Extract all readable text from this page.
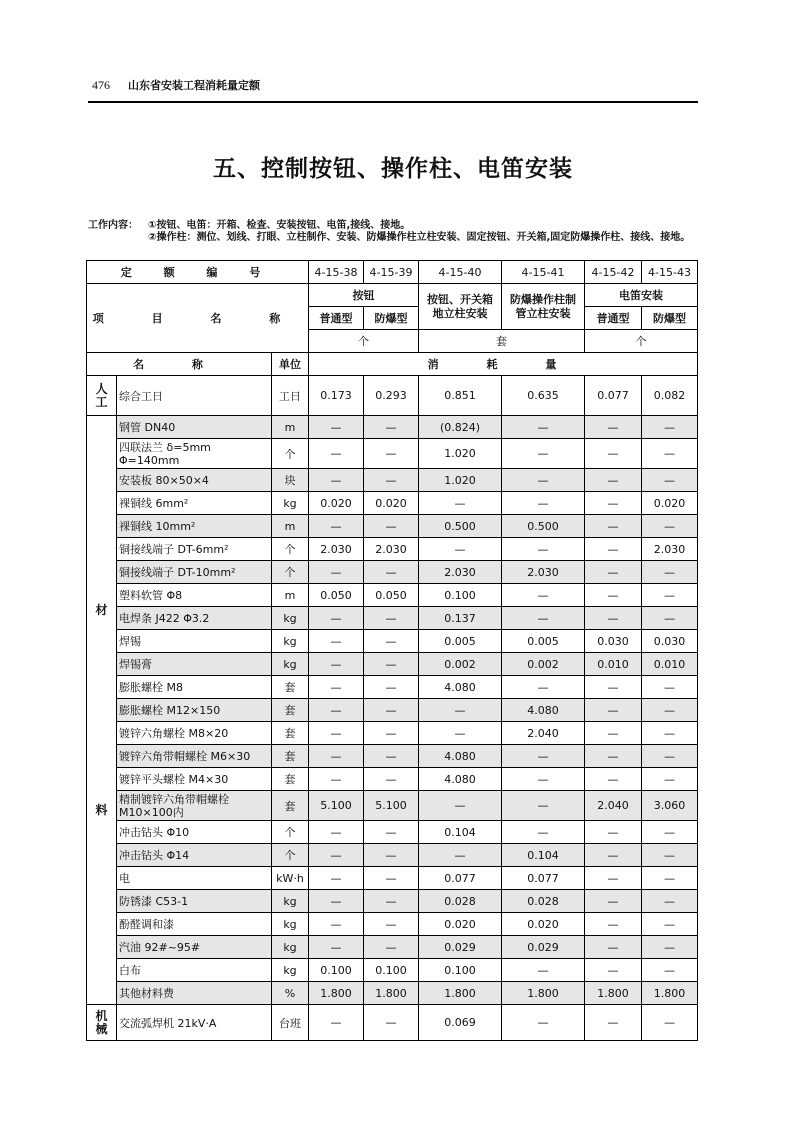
476 山东省安装工程消耗量定额
五、控制按钮、操作柱、电笛安装
工作内容： ①按钮、电笛：开箱、检查、安装按钮、电笛,接线、接地。
②操作柱：测位、划线、打眼、立柱制作、安装、防爆操作柱立柱安装、固定按钮、开关箱,固定防爆操作柱、接线、接地。
定 额 编 号			4-15-38	4-15-39	4-15-40	4-15-41	4-15-42	4-15-43
项 目 名 称			按钮		按钮、开关箱地立柱安装	防爆操作柱制管立柱安装	电笛安装	
			普通型	防爆型			普通型	防爆型
			个		套		个	
名 称		单位	消 耗 量					
人工	综合工日	工日	0.173	0.293	0.851	0.635	0.077	0.082

材
料	钢管 DN40	m	—	—	(0.824)	—	—	—
	四联法兰 δ=5mm Φ=140mm	个	—	—	1.020	—	—	—
	安装板 80×50×4	块	—	—	1.020	—	—	—
	裸铜线 6mm²	kg	0.020	0.020	—	—	—	0.020
	裸铜线 10mm²	m	—	—	0.500	0.500	—	—
	铜接线端子 DT-6mm²	个	2.030	2.030	—	—	—	2.030
	铜接线端子 DT-10mm²	个	—	—	2.030	2.030	—	—
	塑料软管 Φ8	m	0.050	0.050	0.100	—	—	—
	电焊条 J422 Φ3.2	kg	—	—	0.137	—	—	—
	焊锡	kg	—	—	0.005	0.005	0.030	0.030
	焊锡膏	kg	—	—	0.002	0.002	0.010	0.010
	膨胀螺栓 M8	套	—	—	4.080	—	—	—
	膨胀螺栓 M12×150	套	—	—	—	4.080	—	—
	镀锌六角螺栓 M8×20	套	—	—	—	2.040	—	—
	镀锌六角带帽螺栓 M6×30	套	—	—	4.080	—	—	—
	镀锌平头螺栓 M4×30	套	—	—	4.080	—	—	—
	精制镀锌六角带帽螺栓 M10×100内	套	5.100	5.100	—	—	2.040	3.060
	冲击钻头 Φ10	个	—	—	0.104	—	—	—
	冲击钻头 Φ14	个	—	—	—	0.104	—	—
	电	kW·h	—	—	0.077	0.077	—	—
	防锈漆 C53-1	kg	—	—	0.028	0.028	—	—
	酚醛调和漆	kg	—	—	0.020	0.020	—	—
	汽油 92#~95#	kg	—	—	0.029	0.029	—	—
	白布	kg	0.100	0.100	0.100	—	—	—
	其他材料费	%	1.800	1.800	1.800	1.800	1.800	1.800
机械	交流弧焊机 21kV·A	台班	—	—	0.069	—	—	—
